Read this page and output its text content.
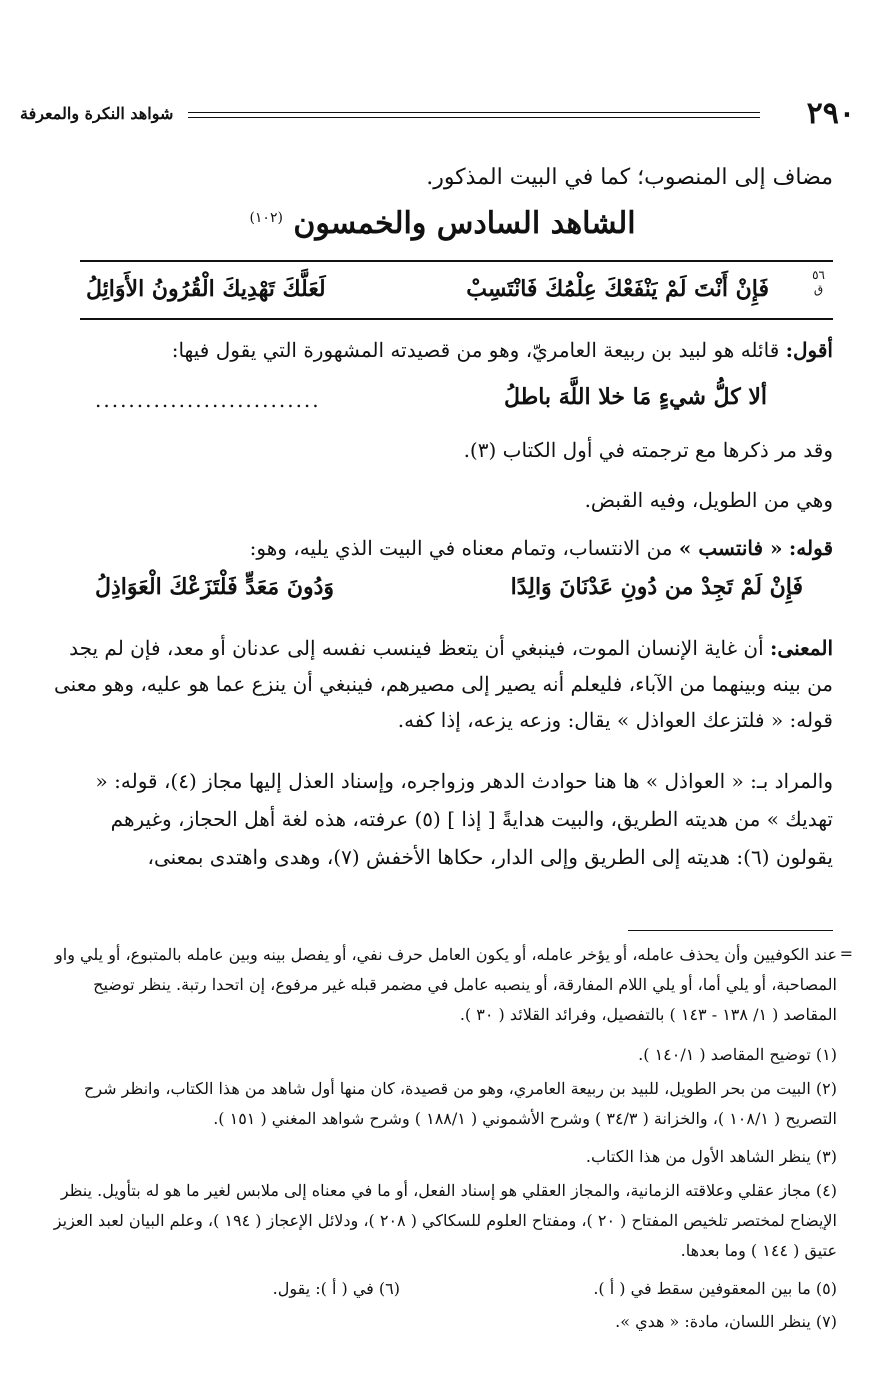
شواهد النكرة والمعرفة	٢٩٠
مضاف إلى المنصوب؛ كما في البيت المذكور.
الشاهد السادس والخمسون $^{(١٠٢)}$
٥٦
ق
فَإِنْ أَنْتَ لَمْ يَنْفَعْكَ عِلْمُكَ فَانْتَسِبْ
لَعَلَّكَ تَهْدِيكَ الْقُرُونُ الأَوَائِلُ

أقول: قائله هو لبيد بن ربيعة العامريّ، وهو من قصيدته المشهورة التي يقول فيها:

ألا كلُّ شيءٍ مَا خلا اللَّهَ باطلُ
...........................

وقد مر ذكرها مع ترجمته في أول الكتاب (٣).

وهي من الطويل، وفيه القبض.

قوله: « فانتسب » من الانتساب، وتمام معناه في البيت الذي يليه، وهو:

فَإِنْ لَمْ تَجِدْ من دُونِ عَدْنَانَ وَالِدًا
وَدُونَ مَعَدٍّ فَلْتَزَعْكَ الْعَوَاذِلُ

المعنى: أن غاية الإنسان الموت، فينبغي أن يتعظ فينسب نفسه إلى عدنان أو معد، فإن لم يجد من بينه وبينهما من الآباء، فليعلم أنه يصير إلى مصيرهم، فينبغي أن ينزع عما هو عليه، وهو معنى قوله: « فلتزعك العواذل » يقال: وزعه يزعه، إذا كفه.

والمراد بـ: « العواذل » ها هنا حوادث الدهر وزواجره، وإسناد العذل إليها مجاز (٤)، قوله: « تهديك » من هديته الطريق، والبيت هدايةً [ إذا ] (٥) عرفته، هذه لغة أهل الحجاز، وغيرهم يقولون (٦): هديته إلى الطريق وإلى الدار، حكاها الأخفش (٧)، وهدى واهتدى بمعنى،

=

عند الكوفيين وأن يحذف عامله، أو يؤخر عامله، أو يكون العامل حرف نفي، أو يفصل بينه وبين عامله بالمتبوع، أو يلي واو المصاحبة، أو يلي أما، أو يلي اللام المفارقة، أو ينصبه عامل في مضمر قبله غير مرفوع، إن اتحدا رتبة. ينظر توضيح المقاصد ( ١/ ١٣٨ - ١٤٣ ) بالتفصيل، وفرائد القلائد ( ٣٠ ).

(١) توضيح المقاصد ( ١٤٠/١ ).

(٢) البيت من بحر الطويل، للبيد بن ربيعة العامري، وهو من قصيدة، كان منها أول شاهد من هذا الكتاب، وانظر شرح التصريح ( ١٠٨/١ )، والخزانة ( ٣٤/٣ ) وشرح الأشموني ( ١٨٨/١ ) وشرح شواهد المغني ( ١٥١ ).

(٣) ينظر الشاهد الأول من هذا الكتاب.

(٤) مجاز عقلي وعلاقته الزمانية، والمجاز العقلي هو إسناد الفعل، أو ما في معناه إلى ملابس لغير ما هو له بتأويل. ينظر الإيضاح لمختصر تلخيص المفتاح ( ٢٠ )، ومفتاح العلوم للسكاكي ( ٢٠٨ )، ودلائل الإعجاز ( ١٩٤ )، وعلم البيان لعبد العزيز عتيق ( ١٤٤ ) وما بعدها.

(٥) ما بين المعقوفين سقط في ( أ ).
(٦) في ( أ ): يقول.
(٧) ينظر اللسان، مادة: « هدي ».
